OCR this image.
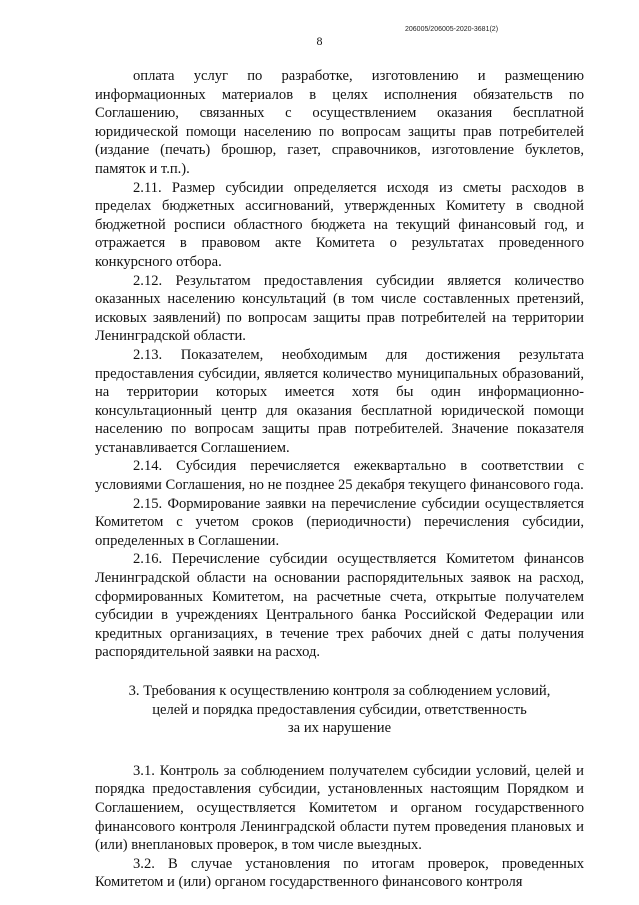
206005/206005-2020-3681(2)
8

оплата услуг по разработке, изготовлению и размещению информационных материалов в целях исполнения обязательств по Соглашению, связанных с осуществлением оказания бесплатной юридической помощи населению по вопросам защиты прав потребителей (издание (печать) брошюр, газет, справочников, изготовление буклетов, памяток и т.п.).

2.11. Размер субсидии определяется исходя из сметы расходов в пределах бюджетных ассигнований, утвержденных Комитету в сводной бюджетной росписи областного бюджета на текущий финансовый год, и отражается в правовом акте Комитета о результатах проведенного конкурсного отбора.

2.12. Результатом предоставления субсидии является количество оказанных населению консультаций (в том числе составленных претензий, исковых заявлений) по вопросам защиты прав потребителей на территории Ленинградской области.

2.13. Показателем, необходимым для достижения результата предоставления субсидии, является количество муниципальных образований, на территории которых имеется хотя бы один информационно-консультационный центр для оказания бесплатной юридической помощи населению по вопросам защиты прав потребителей. Значение показателя устанавливается Соглашением.

2.14. Субсидия перечисляется ежеквартально в соответствии с условиями Соглашения, но не позднее 25 декабря текущего финансового года.

2.15. Формирование заявки на перечисление субсидии осуществляется Комитетом с учетом сроков (периодичности) перечисления субсидии, определенных в Соглашении.

2.16. Перечисление субсидии осуществляется Комитетом финансов Ленинградской области на основании распорядительных заявок на расход, сформированных Комитетом, на расчетные счета, открытые получателем субсидии в учреждениях Центрального банка Российской Федерации или кредитных организациях, в течение трех рабочих дней с даты получения распорядительной заявки на расход.

3. Требования к осуществлению контроля за соблюдением условий,
целей и порядка предоставления субсидии, ответственность
за их нарушение

3.1. Контроль за соблюдением получателем субсидии условий, целей и порядка предоставления субсидии, установленных настоящим Порядком и Соглашением, осуществляется Комитетом и органом государственного финансового контроля Ленинградской области путем проведения плановых и (или) внеплановых проверок, в том числе выездных.

3.2. В случае установления по итогам проверок, проведенных Комитетом и (или) органом государственного финансового контроля
